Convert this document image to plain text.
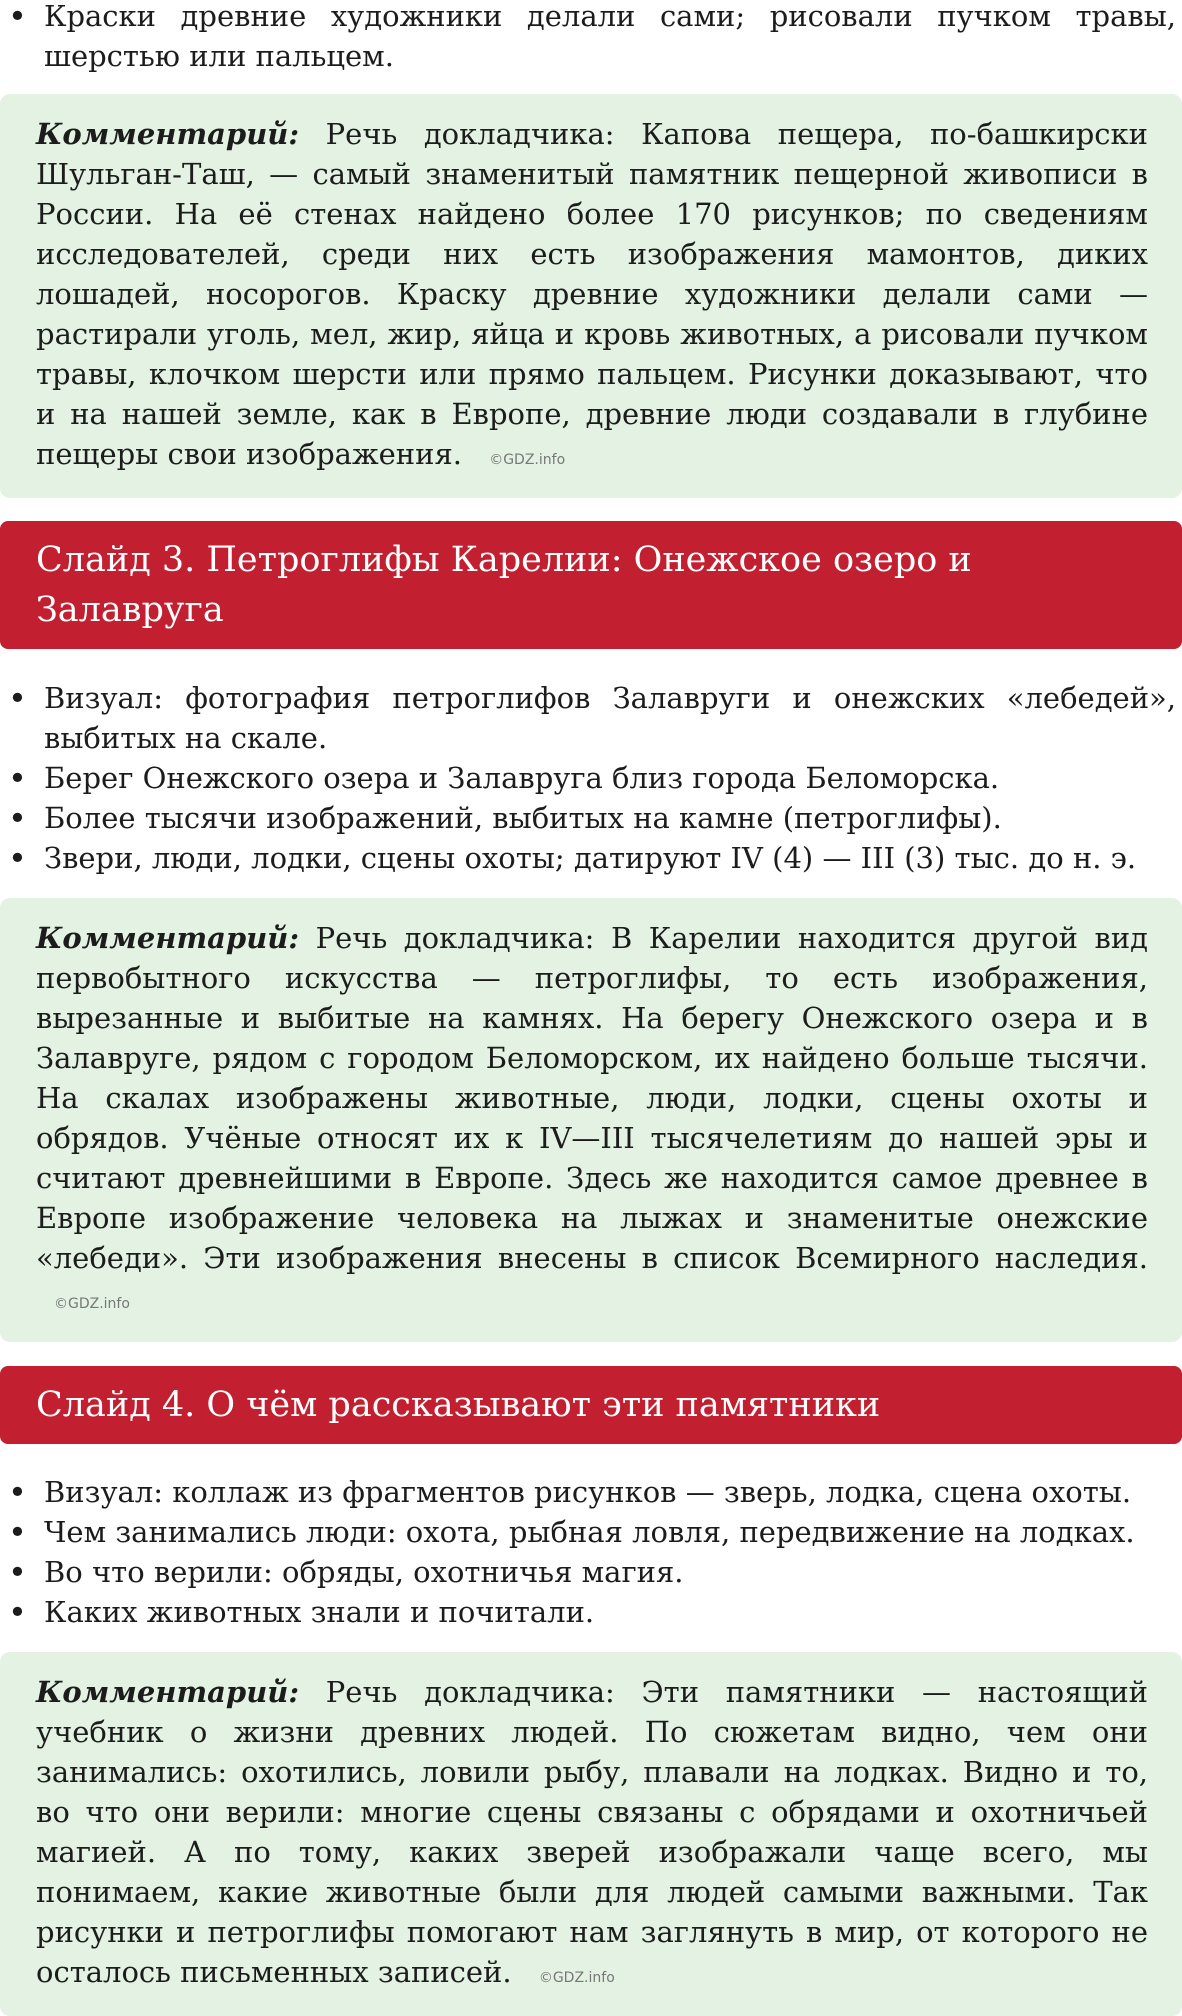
• Краски древние художники делали сами; рисовали пучком травы, шерстью или пальцем.
Комментарий: Речь докладчика: Капова пещера, по-башкирски Шульган-Таш, — самый знаменитый памятник пещерной живописи в России. На её стенах найдено более 170 рисунков; по сведениям исследователей, среди них есть изображения мамонтов, диких лошадей, носорогов. Краску древние художники делали сами — растирали уголь, мел, жир, яйца и кровь животных, а рисовали пучком травы, клочком шерсти или прямо пальцем. Рисунки доказывают, что и на нашей земле, как в Европе, древние люди создавали в глубине пещеры свои изображения. ©GDZ.info
Слайд 3. Петроглифы Карелии: Онежское озеро и Залавруга
• Визуал: фотография петроглифов Залавруги и онежских «лебедей», выбитых на скале.
• Берег Онежского озера и Залавруга близ города Беломорска.
• Более тысячи изображений, выбитых на камне (петроглифы).
• Звери, люди, лодки, сцены охоты; датируют IV (4) — III (3) тыс. до н. э.
Комментарий: Речь докладчика: В Карелии находится другой вид первобытного искусства — петроглифы, то есть изображения, вырезанные и выбитые на камнях. На берегу Онежского озера и в Залавруге, рядом с городом Беломорском, их найдено больше тысячи. На скалах изображены животные, люди, лодки, сцены охоты и обрядов. Учёные относят их к IV—III тысячелетиям до нашей эры и считают древнейшими в Европе. Здесь же находится самое древнее в Европе изображение человека на лыжах и знаменитые онежские «лебеди». Эти изображения внесены в список Всемирного наследия. ©GDZ.info
Слайд 4. О чём рассказывают эти памятники
• Визуал: коллаж из фрагментов рисунков — зверь, лодка, сцена охоты.
• Чем занимались люди: охота, рыбная ловля, передвижение на лодках.
• Во что верили: обряды, охотничья магия.
• Каких животных знали и почитали.
Комментарий: Речь докладчика: Эти памятники — настоящий учебник о жизни древних людей. По сюжетам видно, чем они занимались: охотились, ловили рыбу, плавали на лодках. Видно и то, во что они верили: многие сцены связаны с обрядами и охотничьей магией. А по тому, каких зверей изображали чаще всего, мы понимаем, какие животные были для людей самыми важными. Так рисунки и петроглифы помогают нам заглянуть в мир, от которого не осталось письменных записей. ©GDZ.info
